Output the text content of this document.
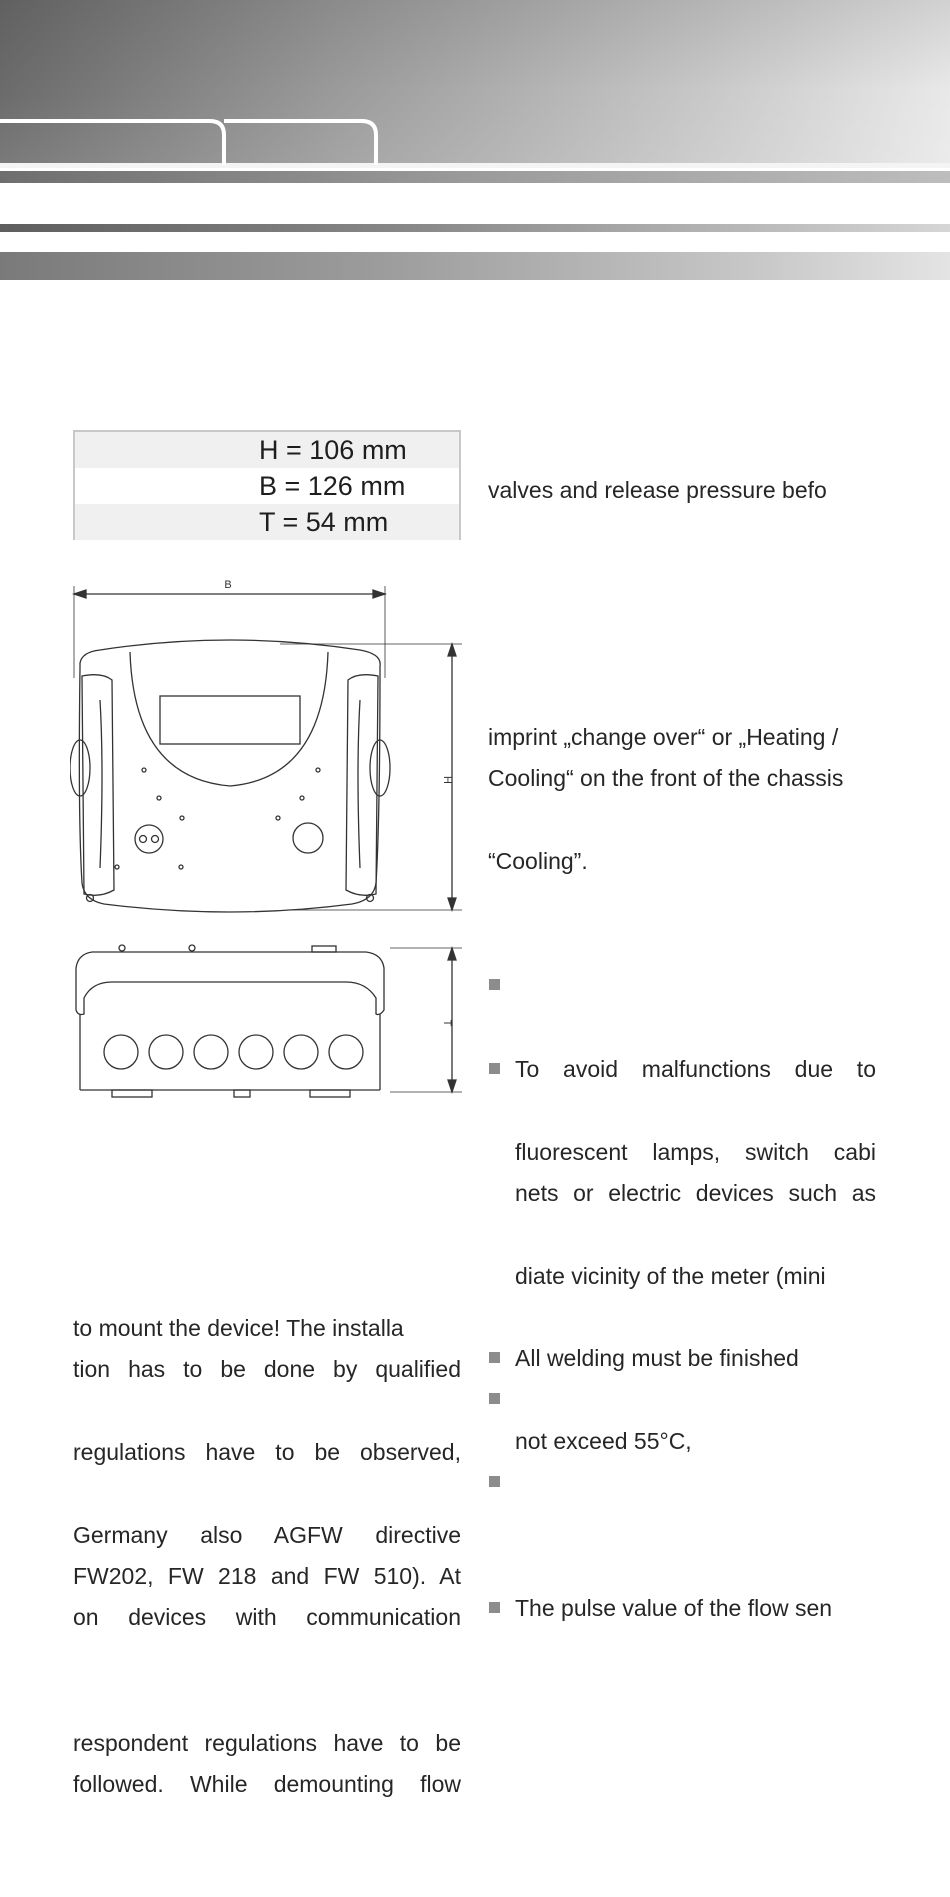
H = 106 mm
B = 126 mm
T = 54 mm
B
H
T
valves and release pressure befo
imprint „change over“ or „Heating /
Cooling“ on the front of the chassis
“Cooling”.
To avoid malfunctions due to
fluorescent lamps, switch cabi
nets or electric devices such as
diate vicinity of the meter (mini
All welding must be finished
not exceed 55°C,
The pulse value of the flow sen
to mount the device! The installa
tion has to be done by qualified
regulations have to be observed,
Germany also AGFW directive
FW202, FW 218 and FW 510). At
on devices with communication
respondent regulations have to be
followed. While demounting flow
